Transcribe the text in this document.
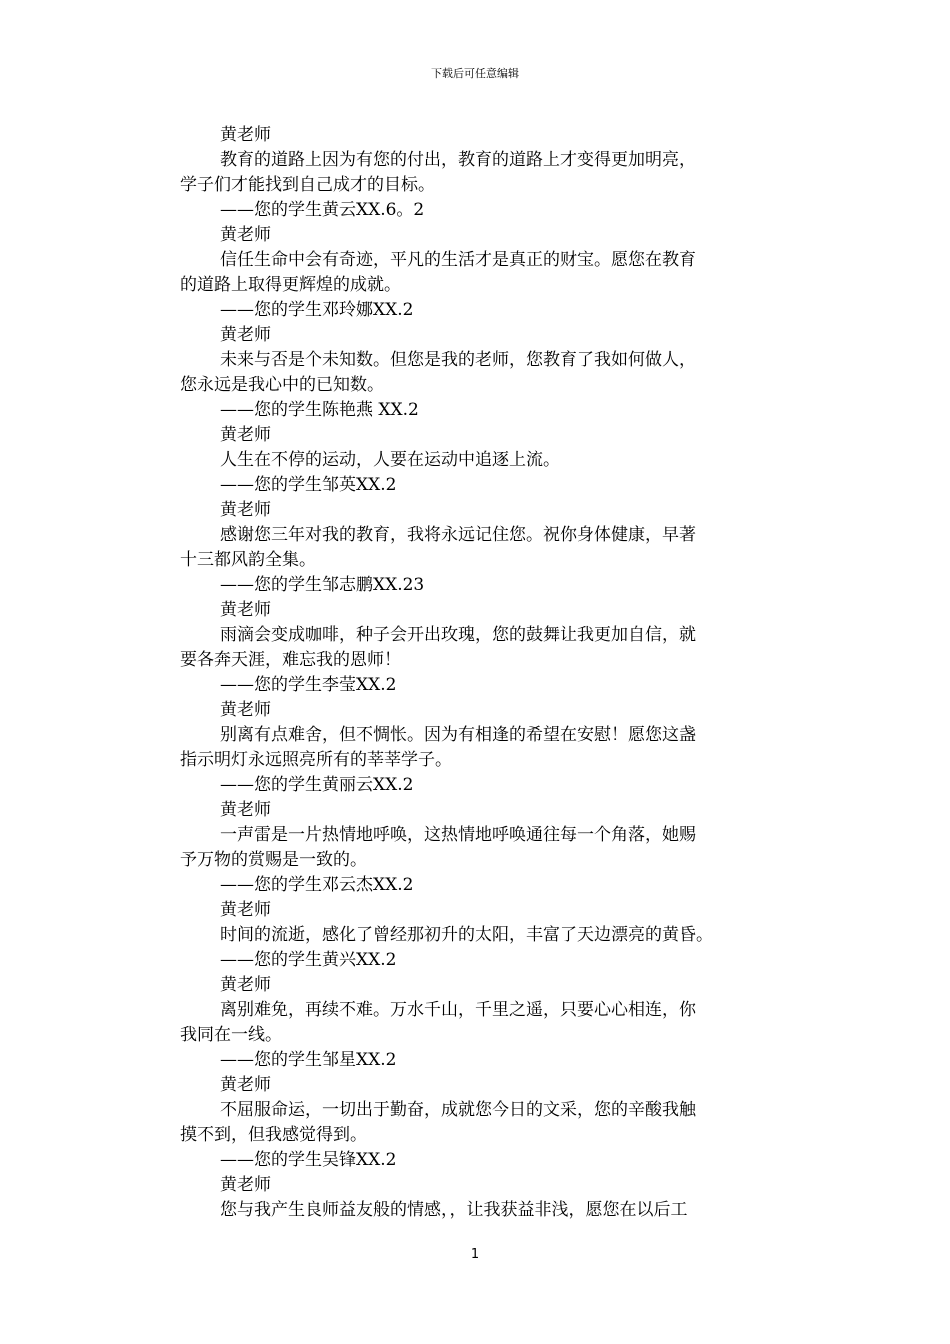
下载后可任意编辑
黄老师
教育的道路上因为有您的付出，教育的道路上才变得更加明亮，
学子们才能找到自己成才的目标。
——您的学生黄云XX.6。2
黄老师
信任生命中会有奇迹，平凡的生活才是真正的财宝。愿您在教育
的道路上取得更辉煌的成就。
——您的学生邓玲娜XX.2
黄老师
未来与否是个未知数。但您是我的老师，您教育了我如何做人，
您永远是我心中的已知数。
——您的学生陈艳燕 XX.2
黄老师
人生在不停的运动，人要在运动中追逐上流。
——您的学生邹英XX.2
黄老师
感谢您三年对我的教育，我将永远记住您。祝你身体健康，早著
十三都风韵全集。
——您的学生邹志鹏XX.23
黄老师
雨滴会变成咖啡，种子会开出玫瑰，您的鼓舞让我更加自信，就
要各奔天涯，难忘我的恩师！
——您的学生李莹XX.2
黄老师
别离有点难舍，但不惆怅。因为有相逢的希望在安慰！愿您这盏
指示明灯永远照亮所有的莘莘学子。
——您的学生黄丽云XX.2
黄老师
一声雷是一片热情地呼唤，这热情地呼唤通往每一个角落，她赐
予万物的赏赐是一致的。
——您的学生邓云杰XX.2
黄老师
时间的流逝，感化了曾经那初升的太阳，丰富了天边漂亮的黄昏。
——您的学生黄兴XX.2
黄老师
离别难免，再续不难。万水千山，千里之遥，只要心心相连，你
我同在一线。
——您的学生邹星XX.2
黄老师
不屈服命运，一切出于勤奋，成就您今日的文采，您的辛酸我触
摸不到，但我感觉得到。
——您的学生吴锋XX.2
黄老师
您与我产生良师益友般的情感，，让我获益非浅，愿您在以后工
1
